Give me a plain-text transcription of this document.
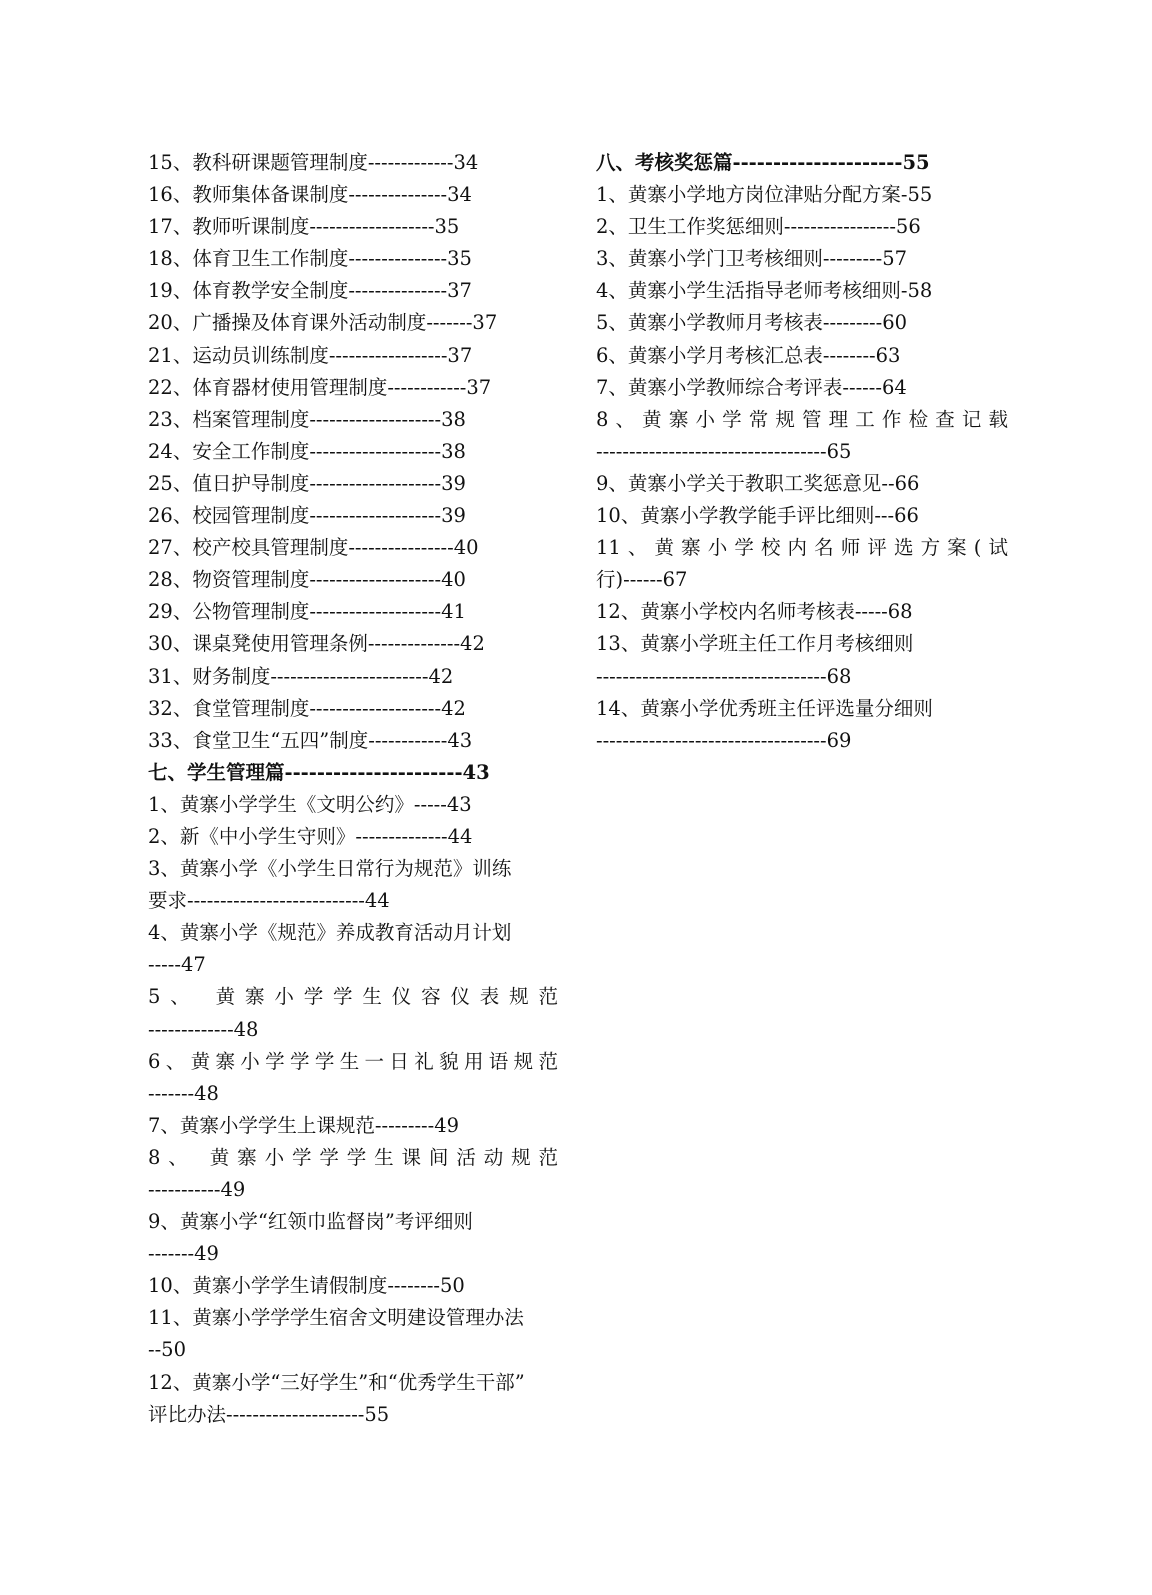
15、教科研课题管理制度-------------34
16、教师集体备课制度---------------34
17、教师听课制度-------------------35
18、体育卫生工作制度---------------35
19、体育教学安全制度---------------37
20、广播操及体育课外活动制度-------37
21、运动员训练制度------------------37
22、体育器材使用管理制度------------37
23、档案管理制度--------------------38
24、安全工作制度--------------------38
25、值日护导制度--------------------39
26、校园管理制度--------------------39
27、校产校具管理制度----------------40
28、物资管理制度--------------------40
29、公物管理制度--------------------41
30、课桌凳使用管理条例--------------42
31、财务制度------------------------42
32、食堂管理制度--------------------42
33、食堂卫生“五四”制度------------43
七、学生管理篇----------------------43
1、黄寨小学学生《文明公约》-----43
2、新《中小学生守则》--------------44
3、黄寨小学《小学生日常行为规范》训练
要求---------------------------44
4、黄寨小学《规范》养成教育活动月计划
-----47
5、 黄寨小学学生仪容仪表规范
-------------48
6、黄寨小学学学生一日礼貌用语规范
-------48
7、黄寨小学学生上课规范---------49
8、 黄寨小学学学生课间活动规范
-----------49
9、黄寨小学“红领巾监督岗”考评细则
-------49
10、黄寨小学学生请假制度--------50
11、黄寨小学学学生宿舍文明建设管理办法
--50
12、黄寨小学“三好学生”和“优秀学生干部”
评比办法---------------------55
八、考核奖惩篇---------------------55
1、黄寨小学地方岗位津贴分配方案-55
2、卫生工作奖惩细则-----------------56
3、黄寨小学门卫考核细则---------57
4、黄寨小学生活指导老师考核细则-58
5、黄寨小学教师月考核表---------60
6、黄寨小学月考核汇总表--------63
7、黄寨小学教师综合考评表------64
8、黄寨小学常规管理工作检查记载
-----------------------------------65
9、黄寨小学关于教职工奖惩意见--66
10、黄寨小学教学能手评比细则---66
11、黄寨小学校内名师评选方案(试
行)------67
12、黄寨小学校内名师考核表-----68
13、黄寨小学班主任工作月考核细则
-----------------------------------68
14、黄寨小学优秀班主任评选量分细则
-----------------------------------69
